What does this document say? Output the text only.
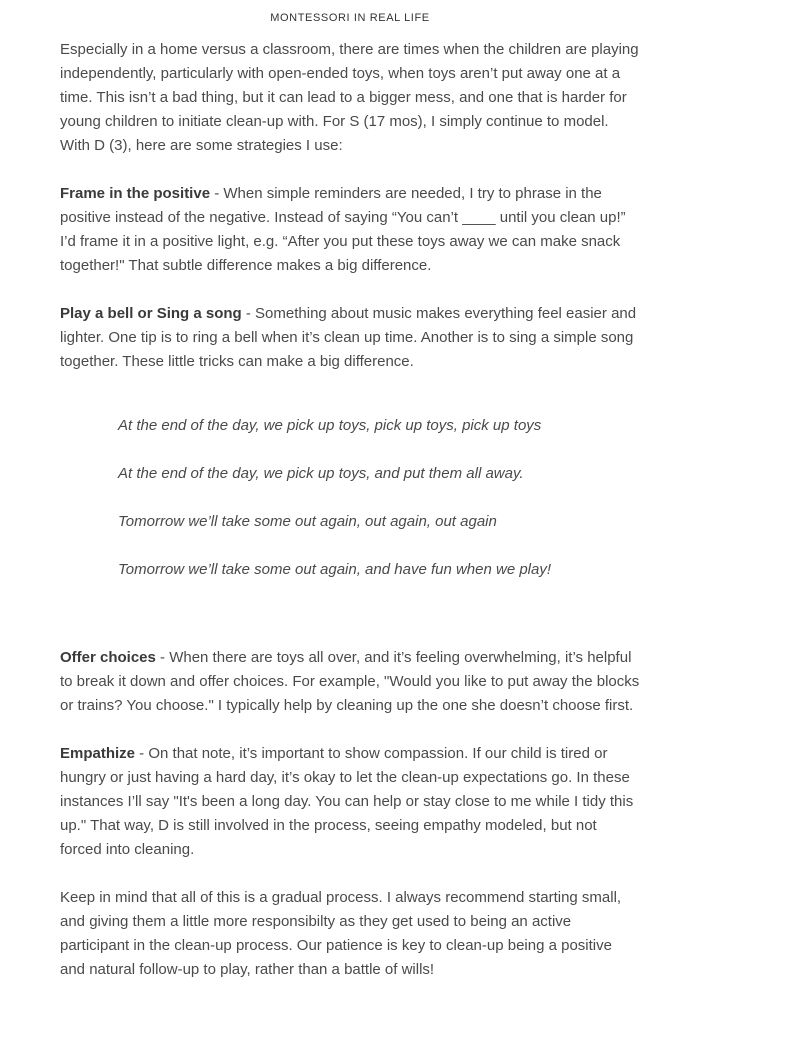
MONTESSORI IN REAL LIFE

Especially in a home versus a classroom, there are times when the children are playing independently, particularly with open-ended toys, when toys aren’t put away one at a time. This isn’t a bad thing, but it can lead to a bigger mess, and one that is harder for young children to initiate clean-up with. For S (17 mos), I simply continue to model. With D (3), here are some strategies I use:

Frame in the positive - When simple reminders are needed, I try to phrase in the positive instead of the negative. Instead of saying “You can’t ____ until you clean up!” I’d frame it in a positive light, e.g. “After you put these toys away we can make snack together!" That subtle difference makes a big difference.

Play a bell or Sing a song - Something about music makes everything feel easier and lighter. One tip is to ring a bell when it’s clean up time. Another is to sing a simple song together. These little tricks can make a big difference.

At the end of the day, we pick up toys, pick up toys, pick up toys

At the end of the day, we pick up toys, and put them all away.

Tomorrow we’ll take some out again, out again, out again

Tomorrow we’ll take some out again, and have fun when we play!

Offer choices - When there are toys all over, and it’s feeling overwhelming, it’s helpful to break it down and offer choices. For example, "Would you like to put away the blocks or trains? You choose." I typically help by cleaning up the one she doesn’t choose first.

Empathize - On that note, it’s important to show compassion. If our child is tired or hungry or just having a hard day, it’s okay to let the clean-up expectations go. In these instances I’ll say "It's been a long day. You can help or stay close to me while I tidy this up." That way, D is still involved in the process, seeing empathy modeled, but not forced into cleaning.

Keep in mind that all of this is a gradual process. I always recommend starting small, and giving them a little more responsibilty as they get used to being an active participant in the clean-up process. Our patience is key to clean-up being a positive and natural follow-up to play, rather than a battle of wills!
